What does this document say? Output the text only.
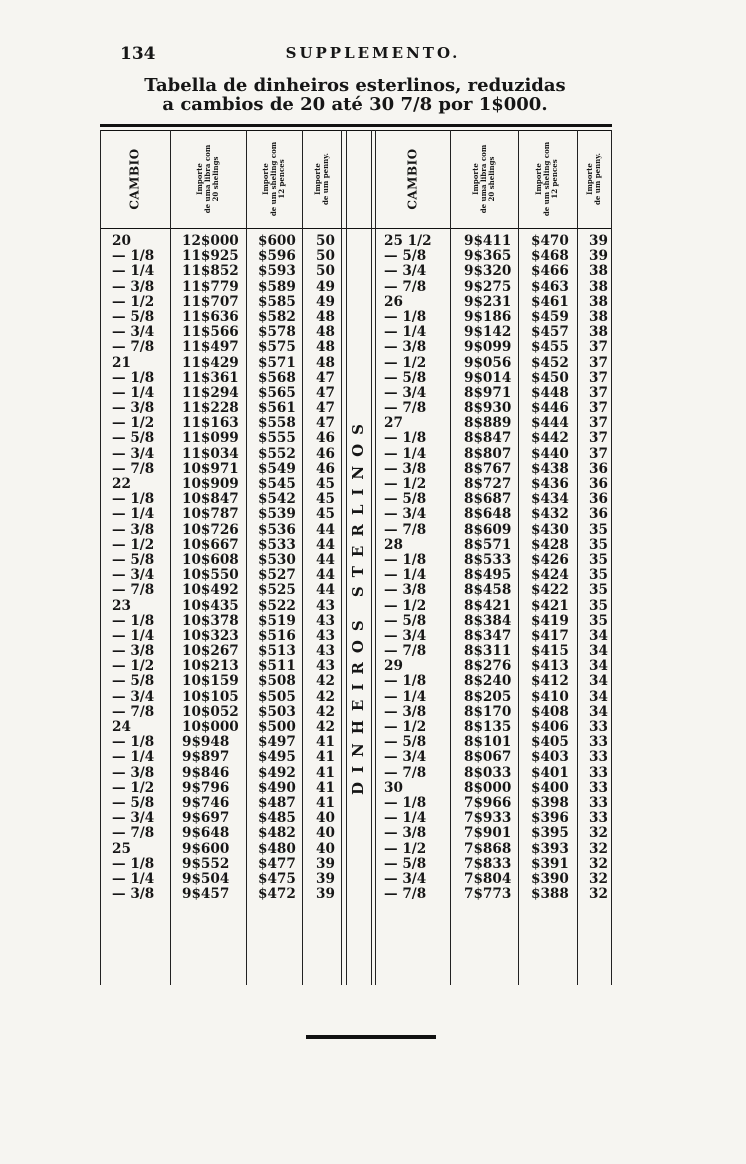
134	SUPPLEMENTO.
Tabella de dinheiros esterlinos, reduzidas
a cambios de 20 até 30 7/8 por 1$000.
CAMBIO	Importe
de uma libra com
20 shelings	Importe
de um sheling com
12 pences	Importe
de um penny.	CAMBIO	Importe
de uma libra com
20 shelings	Importe
de um sheling com
12 pences	Importe
de um penny.
DINHEIROS STERLINOS
20	12$000 $600 50	25 1/2 9$411 $470 39
— 1/8 11$925 $596 50	— 5/8	9$365 $468 39
— 1/4 11$852 $593 50	— 3/4	9$320 $466 38
— 3/8 11$779 $589 49	— 7/8	9$275 $463 38
— 1/2 11$707 $585 49	26	9$231 $461 38
— 5/8 11$636 $582 48	— 1/8	9$186 $459 38
— 3/4 11$566 $578 48	— 1/4	9$142 $457 38
— 7/8 11$497 $575 48	— 3/8	9$099 $455 37
21	11$429 $571 48	— 1/2	9$056 $452 37
— 1/8 11$361 $568 47	— 5/8	9$014 $450 37
— 1/4 11$294 $565 47	— 3/4	8$971 $448 37
— 3/8 11$228 $561 47	— 7/8	8$930 $446 37
— 1/2 11$163 $558 47	27	8$889 $444 37
— 5/8 11$099 $555 46	— 1/8	8$847 $442 37
— 3/4 11$034 $552 46	— 1/4	8$807 $440 37
— 7/8 10$971 $549 46	— 3/8	8$767 $438 36
22	10$909 $545 45	— 1/2	8$727 $436 36
— 1/8 10$847 $542 45	— 5/8	8$687 $434 36
— 1/4 10$787 $539 45	— 3/4	8$648 $432 36
— 3/8 10$726 $536 44	— 7/8	8$609 $430 35
— 1/2 10$667 $533 44	28	8$571 $428 35
— 5/8 10$608 $530 44	— 1/8	8$533 $426 35
— 3/4 10$550 $527 44	— 1/4	8$495 $424 35
— 7/8 10$492 $525 44	— 3/8	8$458 $422 35
23	10$435 $522 43	— 1/2	8$421 $421 35
— 1/8 10$378 $519 43	— 5/8	8$384 $419 35
— 1/4 10$323 $516 43	— 3/4	8$347 $417 34
— 3/8 10$267 $513 43	— 7/8	8$311 $415 34
— 1/2 10$213 $511 43	29	8$276 $413 34
— 5/8 10$159 $508 42	— 1/8	8$240 $412 34
— 3/4 10$105 $505 42	— 1/4	8$205 $410 34
— 7/8 10$052 $503 42	— 3/8	8$170 $408 34
24	10$000 $500 42	— 1/2	8$135 $406 33
— 1/8 9$948 $497 41	— 5/8	8$101 $405 33
— 1/4 9$897 $495 41	— 3/4	8$067 $403 33
— 3/8 9$846 $492 41	— 7/8	8$033 $401 33
— 1/2 9$796 $490 41	30	8$000 $400 33
— 5/8 9$746 $487 41	— 1/8	7$966 $398 33
— 3/4 9$697 $485 40	— 1/4	7$933 $396 33
— 7/8 9$648 $482 40	— 3/8	7$901 $395 32
25	9$600 $480 40	— 1/2	7$868 $393 32
— 1/8 9$552 $477 39	— 5/8	7$833 $391 32
— 1/4 9$504 $475 39	— 3/4	7$804 $390 32
— 3/8 9$457 $472 39	— 7/8	7$773 $388 32
